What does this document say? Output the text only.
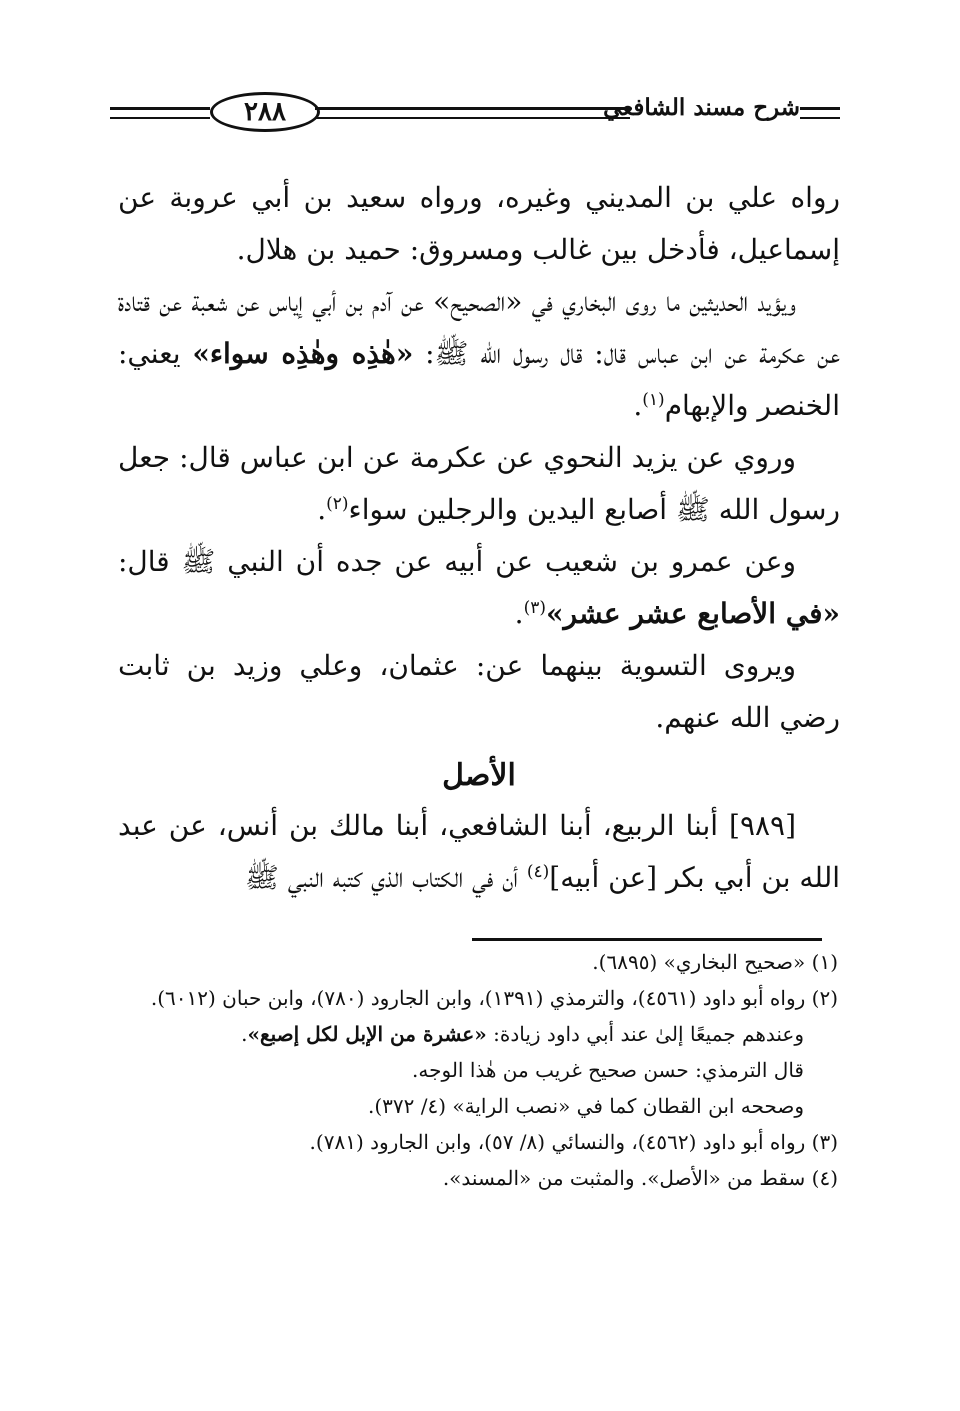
٢٨٨	شرح مسند الشافعي

رواه علي بن المديني وغيره، ورواه سعيد بن أبي عروبة عن إسماعيل، فأدخل بين غالب ومسروق: حميد بن هلال.

ويؤيد الحديثين ما روى البخاري في «الصحيح» عن آدم بن أبي إياس عن شعبة عن قتادة عن عكرمة عن ابن عباس قال: قال رسول الله ﷺ: «هٰذِه وهٰذِه سواء» يعني: الخنصر والإبهام$^{(١)}$.

وروي عن يزيد النحوي عن عكرمة عن ابن عباس قال: جعل رسول الله ﷺ أصابع اليدين والرجلين سواء$^{(٢)}$.

وعن عمرو بن شعيب عن أبيه عن جده أن النبي ﷺ قال: «في الأصابع عشر عشر»$^{(٣)}$.

ويروى التسوية بينهما عن: عثمان، وعلي وزيد بن ثابت رضي الله عنهم.

الأصل

[٩٨٩] أبنا الربيع، أبنا الشافعي، أبنا مالك بن أنس، عن عبد الله بن أبي بكر [عن أبيه]$^{(٤)}$ أن في الكتاب الذي كتبه النبي ﷺ

(١) «صحيح البخاري» (٦٨٩٥).

(٢) رواه أبو داود (٤٥٦١)، والترمذي (١٣٩١)، وابن الجارود (٧٨٠)، وابن حبان (٦٠١٢).

وعندهم جميعًا إلىٰ عند أبي داود زيادة: «عشرة من الإبل لكل إصبع».

قال الترمذي: حسن صحيح غريب من هٰذا الوجه.

وصححه ابن القطان كما في «نصب الراية» (٤/ ٣٧٢).

(٣) رواه أبو داود (٤٥٦٢)، والنسائي (٨/ ٥٧)، وابن الجارود (٧٨١).

(٤) سقط من «الأصل». والمثبت من «المسند».
